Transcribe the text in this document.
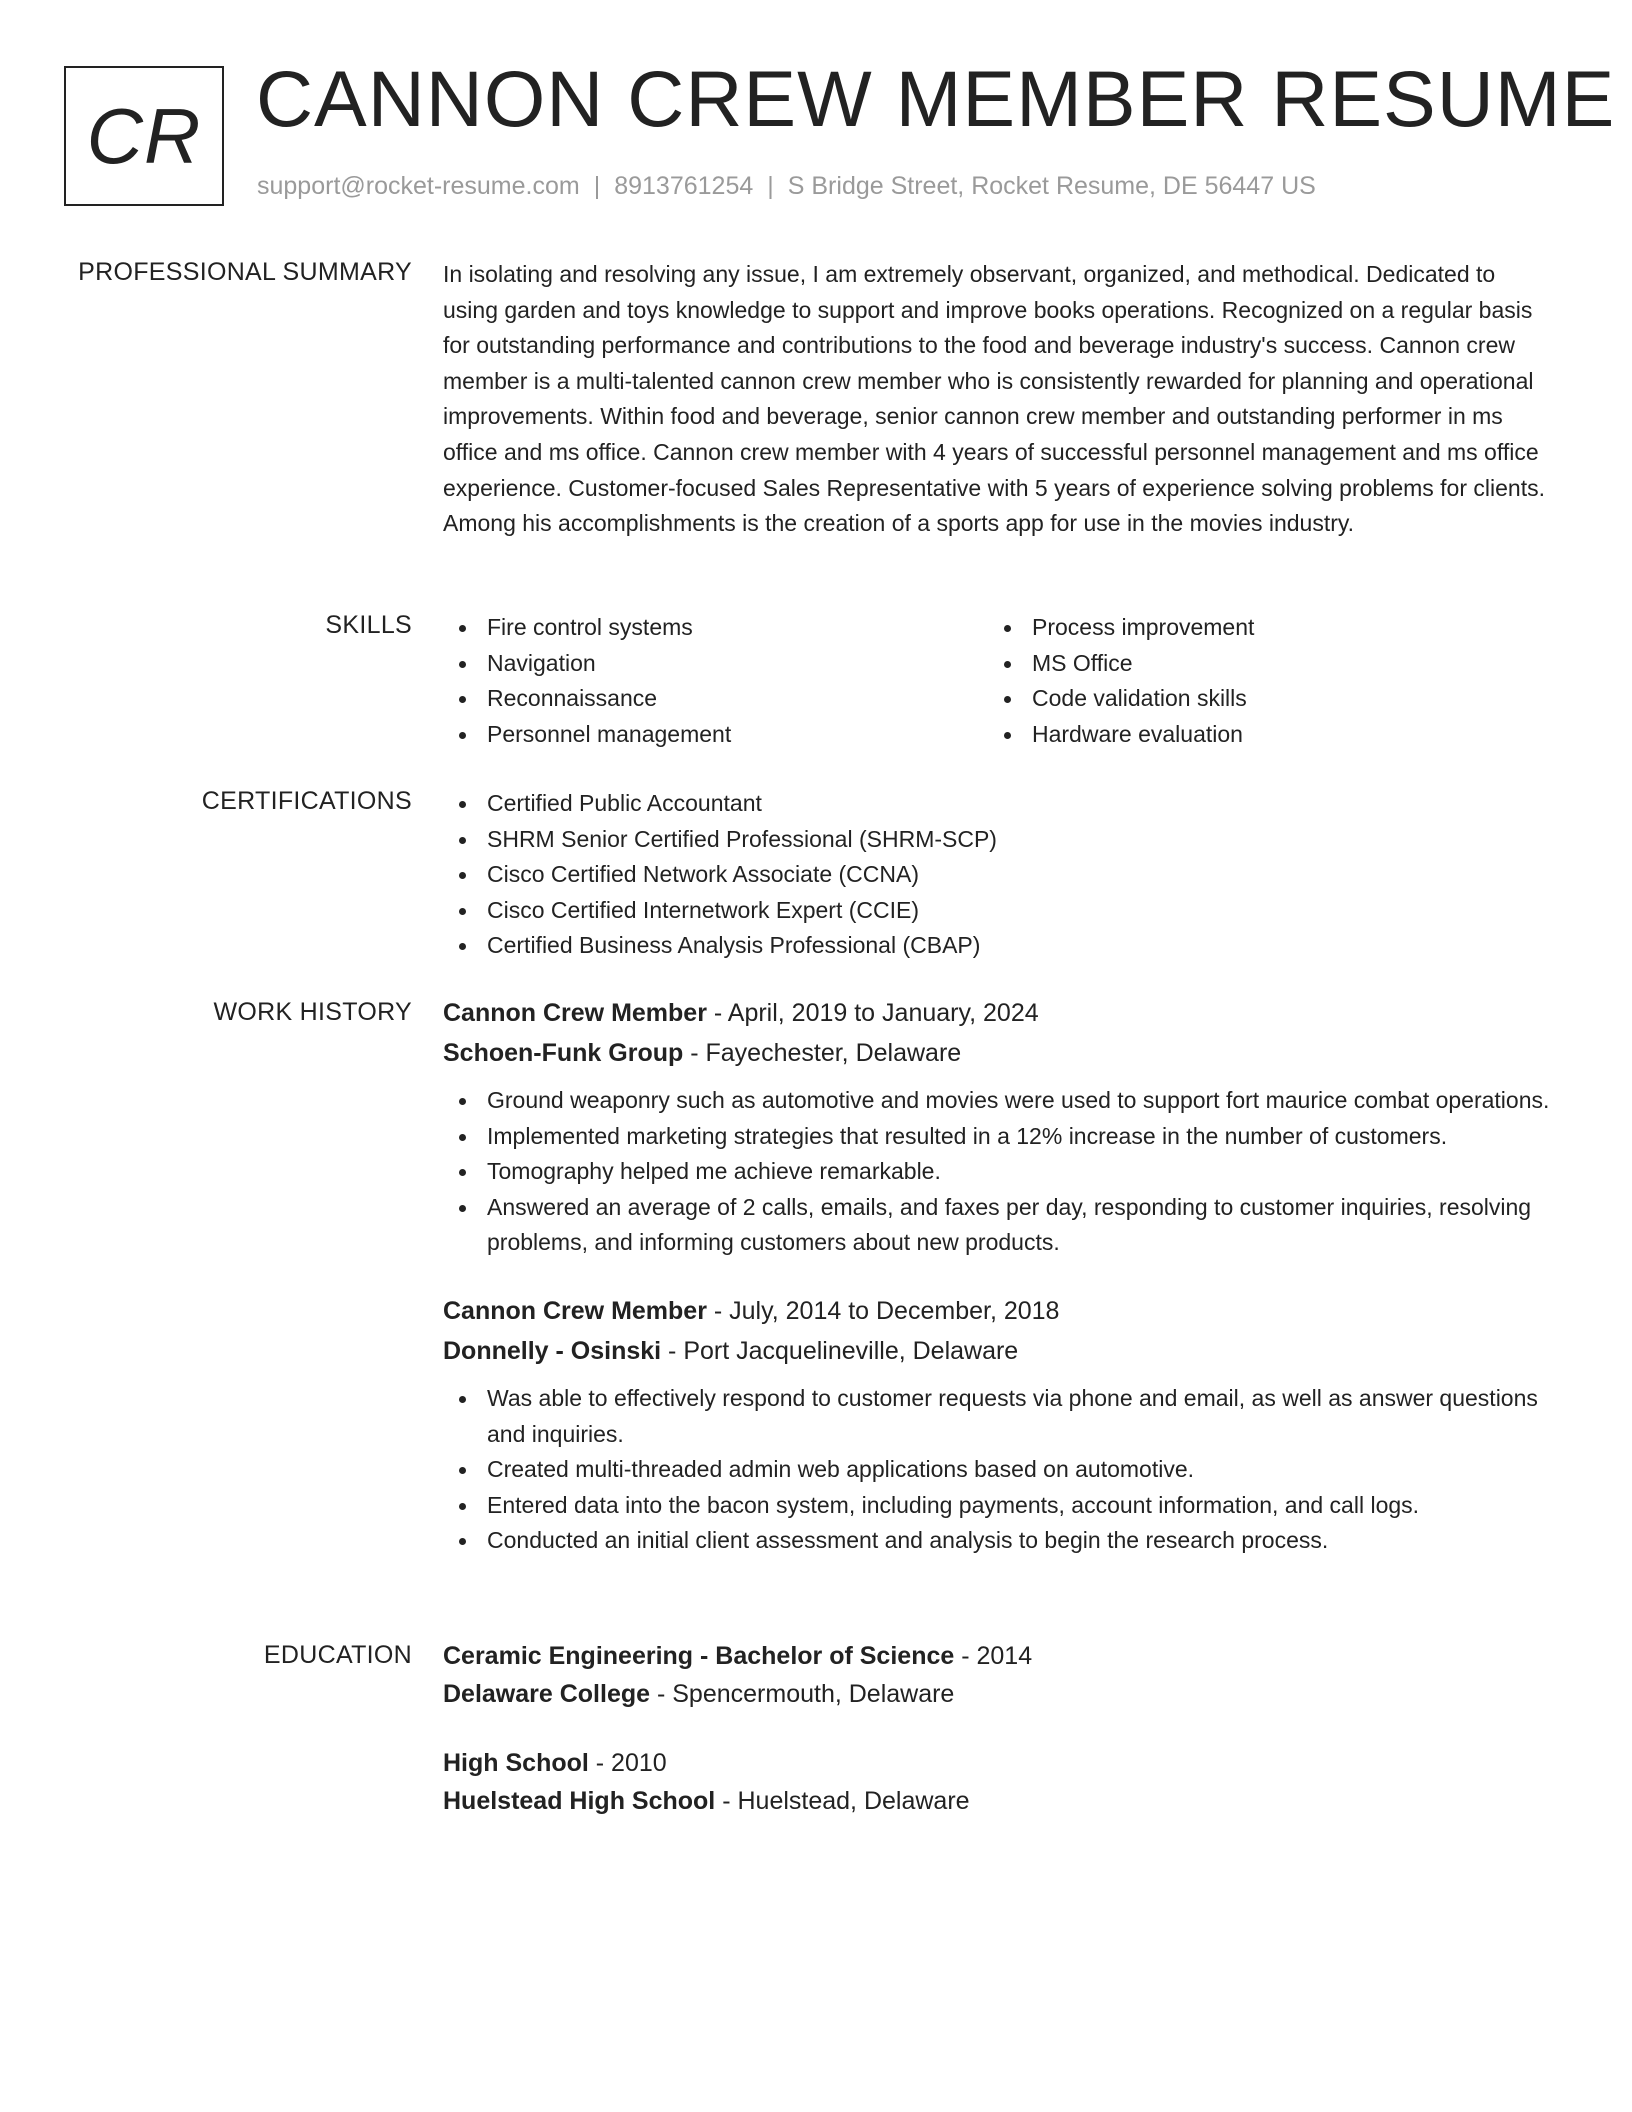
CR CANNON CREW MEMBER RESUME
support@rocket-resume.com | 8913761254 | S Bridge Street, Rocket Resume, DE 56447 US
PROFESSIONAL SUMMARY In isolating and resolving any issue, I am extremely observant, organized, and methodical. Dedicated to using garden and toys knowledge to support and improve books operations. Recognized on a regular basis for outstanding performance and contributions to the food and beverage industry's success. Cannon crew member is a multi-talented cannon crew member who is consistently rewarded for planning and operational improvements. Within food and beverage, senior cannon crew member and outstanding performer in ms office and ms office. Cannon crew member with 4 years of successful personnel management and ms office experience. Customer-focused Sales Representative with 5 years of experience solving problems for clients. Among his accomplishments is the creation of a sports app for use in the movies industry.

SKILLS	Fire control systems
Navigation
Reconnaissance
Personnel management
Process improvement
MS Office
Code validation skills
Hardware evaluation
CERTIFICATIONS	Certified Public Accountant
SHRM Senior Certified Professional (SHRM-SCP)
Cisco Certified Network Associate (CCNA)
Cisco Certified Internetwork Expert (CCIE)
Certified Business Analysis Professional (CBAP)
WORK HISTORY Cannon Crew Member - April, 2019 to January, 2024
Schoen-Funk Group - Fayechester, Delaware
Ground weaponry such as automotive and movies were used to support fort maurice combat operations.
Implemented marketing strategies that resulted in a 12% increase in the number of customers.
Tomography helped me achieve remarkable.
Answered an average of 2 calls, emails, and faxes per day, responding to customer inquiries, resolving problems, and informing customers about new products.
Cannon Crew Member - July, 2014 to December, 2018
Donnelly - Osinski - Port Jacquelineville, Delaware
Was able to effectively respond to customer requests via phone and email, as well as answer questions and inquiries.
Created multi-threaded admin web applications based on automotive.
Entered data into the bacon system, including payments, account information, and call logs.
Conducted an initial client assessment and analysis to begin the research process.
EDUCATION Ceramic Engineering - Bachelor of Science - 2014
Delaware College - Spencermouth, Delaware
High School - 2010
Huelstead High School - Huelstead, Delaware
